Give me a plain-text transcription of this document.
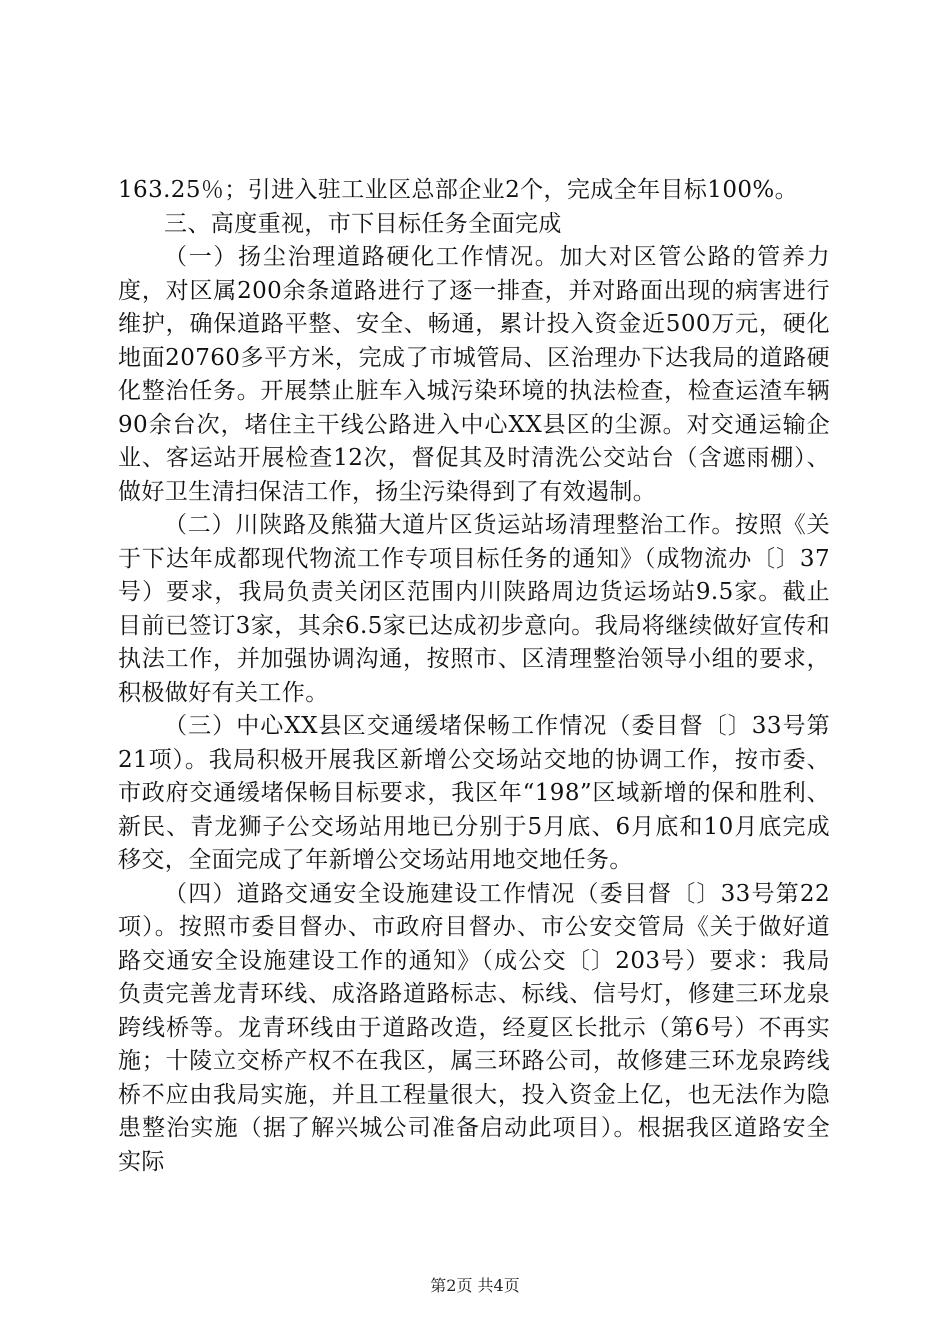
163.25％；引进入驻工业区总部企业2个，完成全年目标100%。

三、高度重视，市下目标任务全面完成

（一）扬尘治理道路硬化工作情况。加大对区管公路的管养力度，对区属200余条道路进行了逐一排查，并对路面出现的病害进行维护，确保道路平整、安全、畅通，累计投入资金近500万元，硬化地面20760多平方米，完成了市城管局、区治理办下达我局的道路硬化整治任务。开展禁止脏车入城污染环境的执法检查，检查运渣车辆90余台次，堵住主干线公路进入中心XX县区的尘源。对交通运输企业、客运站开展检查12次，督促其及时清洗公交站台（含遮雨棚）、做好卫生清扫保洁工作，扬尘污染得到了有效遏制。

（二）川陕路及熊猫大道片区货运站场清理整治工作。按照《关于下达年成都现代物流工作专项目标任务的通知》（成物流办〔〕37号）要求，我局负责关闭区范围内川陕路周边货运场站9.5家。截止目前已签订3家，其余6.5家已达成初步意向。我局将继续做好宣传和执法工作，并加强协调沟通，按照市、区清理整治领导小组的要求，积极做好有关工作。

（三）中心XX县区交通缓堵保畅工作情况（委目督〔〕33号第21项）。我局积极开展我区新增公交场站交地的协调工作，按市委、市政府交通缓堵保畅目标要求，我区年“198”区域新增的保和胜利、新民、青龙狮子公交场站用地已分别于5月底、6月底和10月底完成移交，全面完成了年新增公交场站用地交地任务。

（四）道路交通安全设施建设工作情况（委目督〔〕33号第22项）。按照市委目督办、市政府目督办、市公安交管局《关于做好道路交通安全设施建设工作的通知》（成公交〔〕203号）要求：我局负责完善龙青环线、成洛路道路标志、标线、信号灯，修建三环龙泉跨线桥等。龙青环线由于道路改造，经夏区长批示（第6号）不再实施；十陵立交桥产权不在我区，属三环路公司，故修建三环龙泉跨线桥不应由我局实施，并且工程量很大，投入资金上亿，也无法作为隐患整治实施（据了解兴城公司准备启动此项目）。根据我区道路安全实际

第2页 共4页
